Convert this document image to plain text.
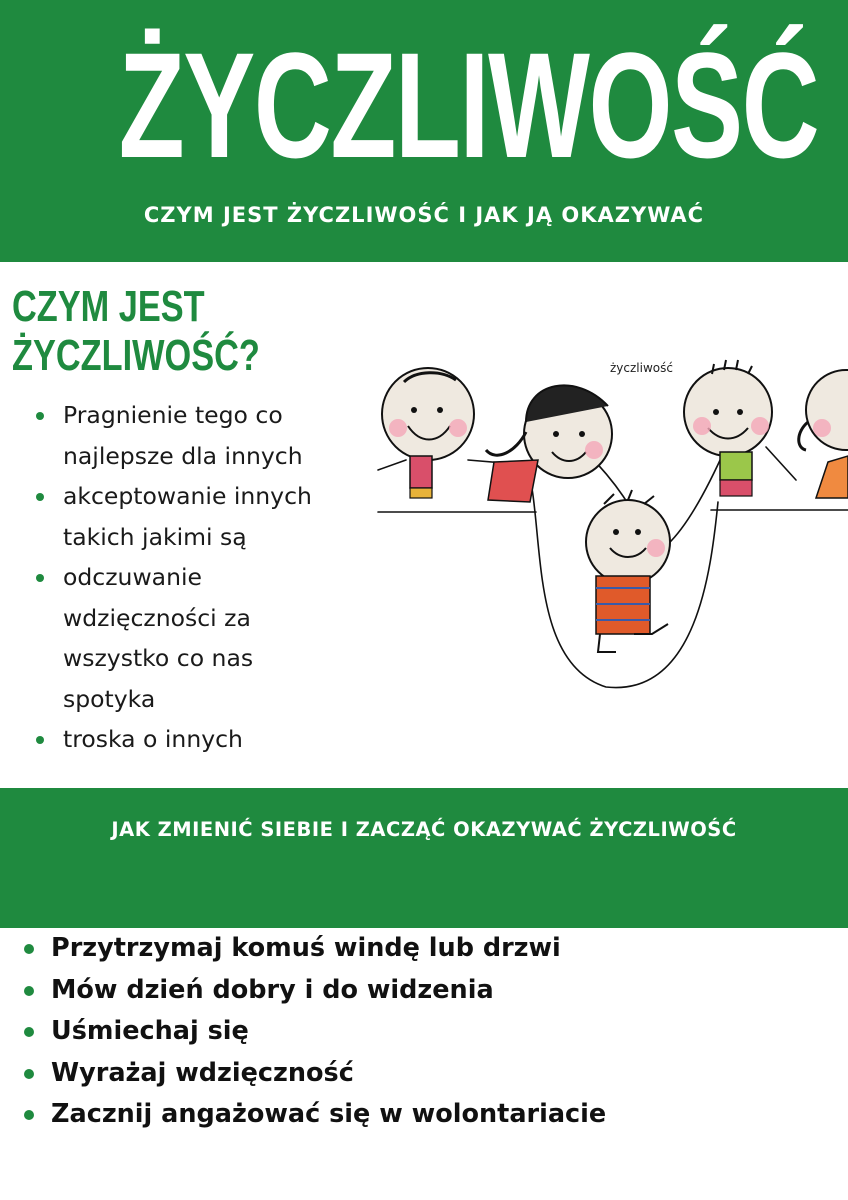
ŻYCZLIWOŚĆ

CZYM JEST ŻYCZLIWOŚĆ I JAK JĄ OKAZYWAĆ

CZYM JEST
ŻYCZLIWOŚĆ?
Pragnienie tego co
najlepsze dla innych
akceptowanie innych
takich jakimi są
odczuwanie
wdzięczności za
wszystko co nas
spotyka
troska o innych
życzliwość
JAK ZMIENIĆ SIEBIE I ZACZĄĆ OKAZYWAĆ ŻYCZLIWOŚĆ
Przytrzymaj komuś windę lub drzwi
Mów dzień dobry i do widzenia
Uśmiechaj się
Wyrażaj wdzięczność
Zacznij angażować się w wolontariacie
